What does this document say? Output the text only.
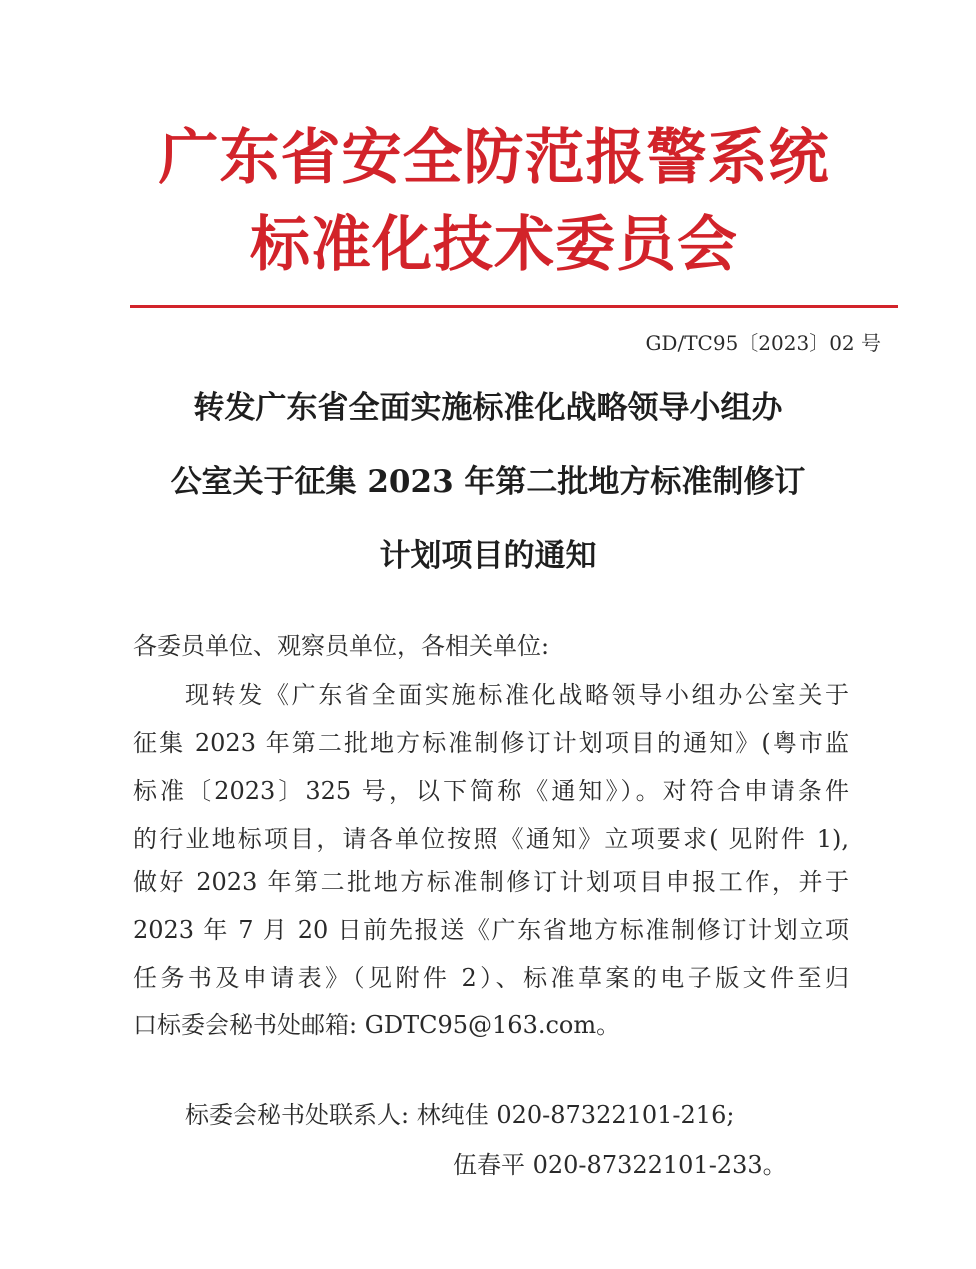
广东省安全防范报警系统
标准化技术委员会
GD/TC95〔2023〕02 号
转发广东省全面实施标准化战略领导小组办
公室关于征集 2023 年第二批地方标准制修订
计划项目的通知
各委员单位、观察员单位，各相关单位:
现转发《广东省全面实施标准化战略领导小组办公室关于
征集 2023 年第二批地方标准制修订计划项目的通知》(粤市监
标准〔2023〕325 号，以下简称《通知》）。对符合申请条件
的行业地标项目，请各单位按照《通知》立项要求( 见附件 1),
做好 2023 年第二批地方标准制修订计划项目申报工作，并于
2023 年 7 月 20 日前先报送《广东省地方标准制修订计划立项
任务书及申请表》（见附件 2）、标准草案的电子版文件至归
口标委会秘书处邮箱: GDTC95@163.com。
标委会秘书处联系人: 林纯佳 020-87322101-216;
伍春平 020-87322101-233。
